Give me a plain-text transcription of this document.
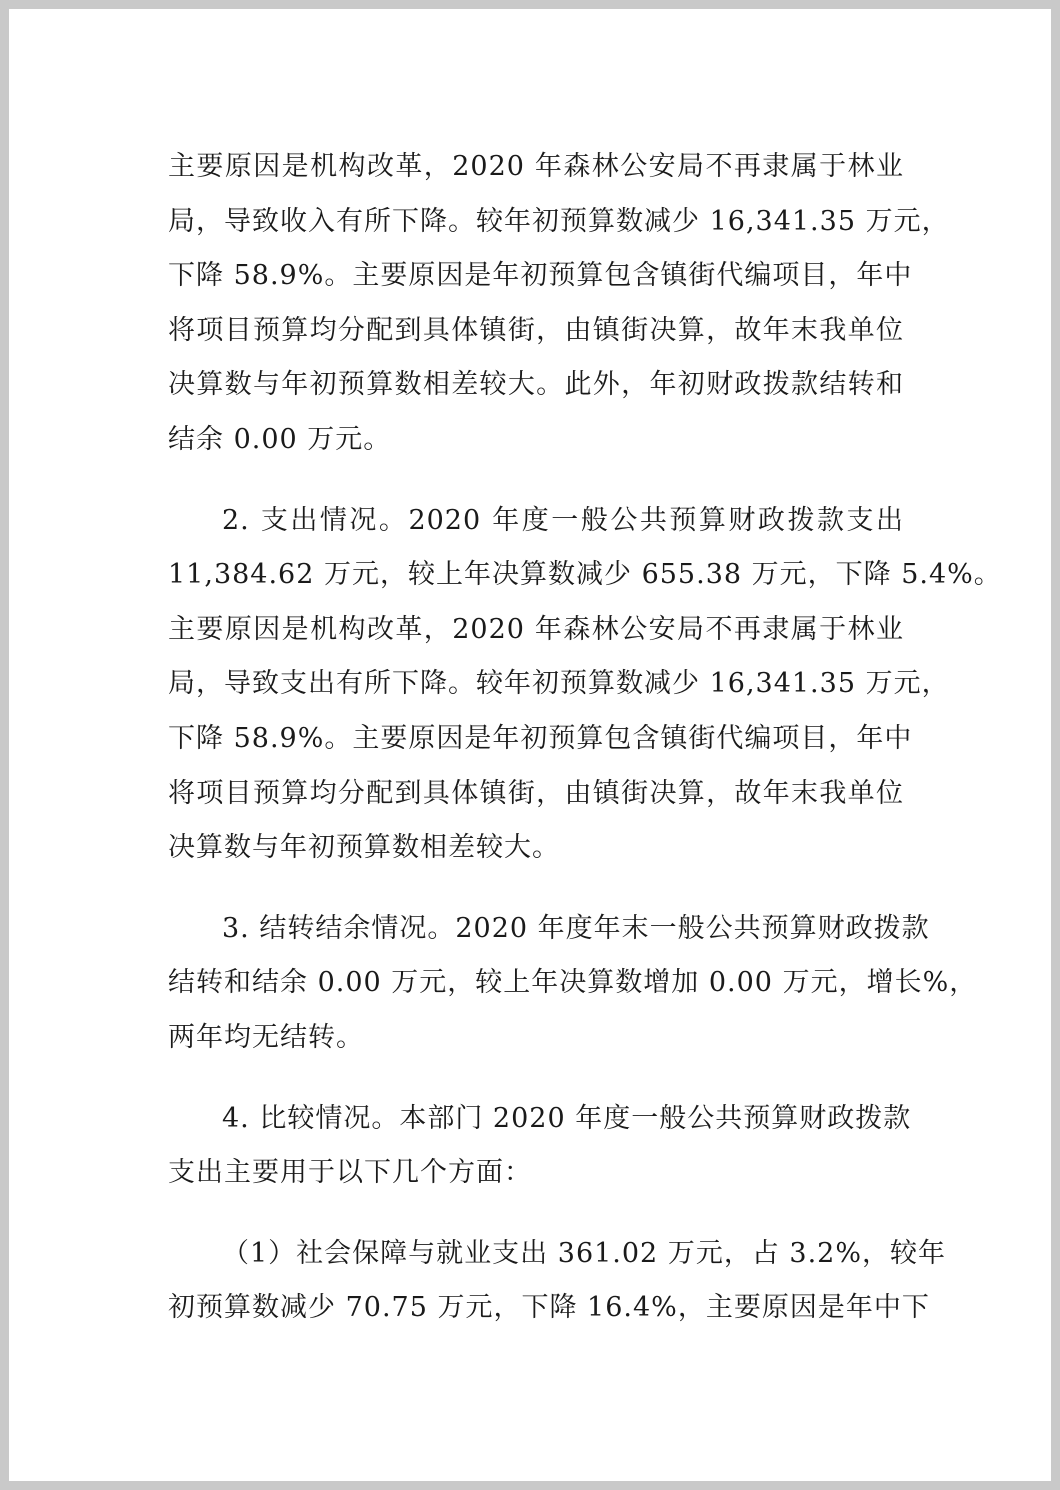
主要原因是机构改革，2020 年森林公安局不再隶属于林业
局，导致收入有所下降。较年初预算数减少 16,341.35 万元，
下降 58.9%。主要原因是年初预算包含镇街代编项目，年中
将项目预算均分配到具体镇街，由镇街决算，故年末我单位
决算数与年初预算数相差较大。此外，年初财政拨款结转和
结余 0.00 万元。
2. 支出情况。2020 年度一般公共预算财政拨款支出
11,384.62 万元，较上年决算数减少 655.38 万元，下降 5.4%。
主要原因是机构改革，2020 年森林公安局不再隶属于林业
局，导致支出有所下降。较年初预算数减少 16,341.35 万元，
下降 58.9%。主要原因是年初预算包含镇街代编项目，年中
将项目预算均分配到具体镇街，由镇街决算，故年末我单位
决算数与年初预算数相差较大。
3. 结转结余情况。2020 年度年末一般公共预算财政拨款
结转和结余 0.00 万元，较上年决算数增加 0.00 万元，增长%，
两年均无结转。
4. 比较情况。本部门 2020 年度一般公共预算财政拨款
支出主要用于以下几个方面：
（1）社会保障与就业支出 361.02 万元，占 3.2%，较年
初预算数减少 70.75 万元，下降 16.4%，主要原因是年中下
